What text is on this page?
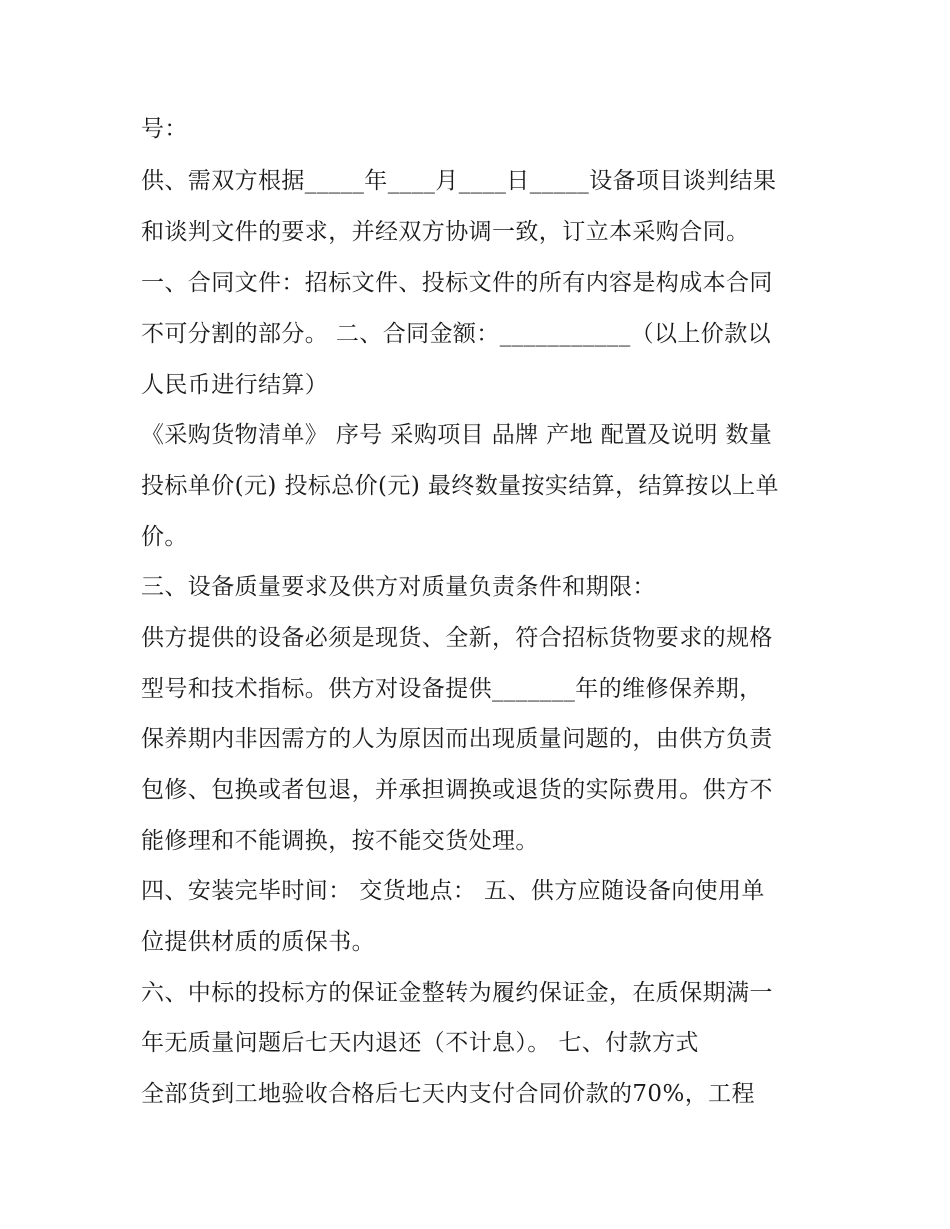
号：
供、需双方根据_____年____月____日_____设备项目谈判结果
和谈判文件的要求，并经双方协调一致，订立本采购合同。
一、合同文件：招标文件、投标文件的所有内容是构成本合同
不可分割的部分。 二、合同金额：___________（以上价款以
人民币进行结算）
《采购货物清单》 序号 采购项目 品牌 产地 配置及说明 数量
投标单价(元) 投标总价(元) 最终数量按实结算，结算按以上单
价。
三、设备质量要求及供方对质量负责条件和期限：
供方提供的设备必须是现货、全新，符合招标货物要求的规格
型号和技术指标。供方对设备提供_______年的维修保养期，
保养期内非因需方的人为原因而出现质量问题的，由供方负责
包修、包换或者包退，并承担调换或退货的实际费用。供方不
能修理和不能调换，按不能交货处理。
四、安装完毕时间： 交货地点： 五、供方应随设备向使用单
位提供材质的质保书。
六、中标的投标方的保证金整转为履约保证金，在质保期满一
年无质量问题后七天内退还（不计息）。 七、付款方式
全部货到工地验收合格后七天内支付合同价款的70%，工程
